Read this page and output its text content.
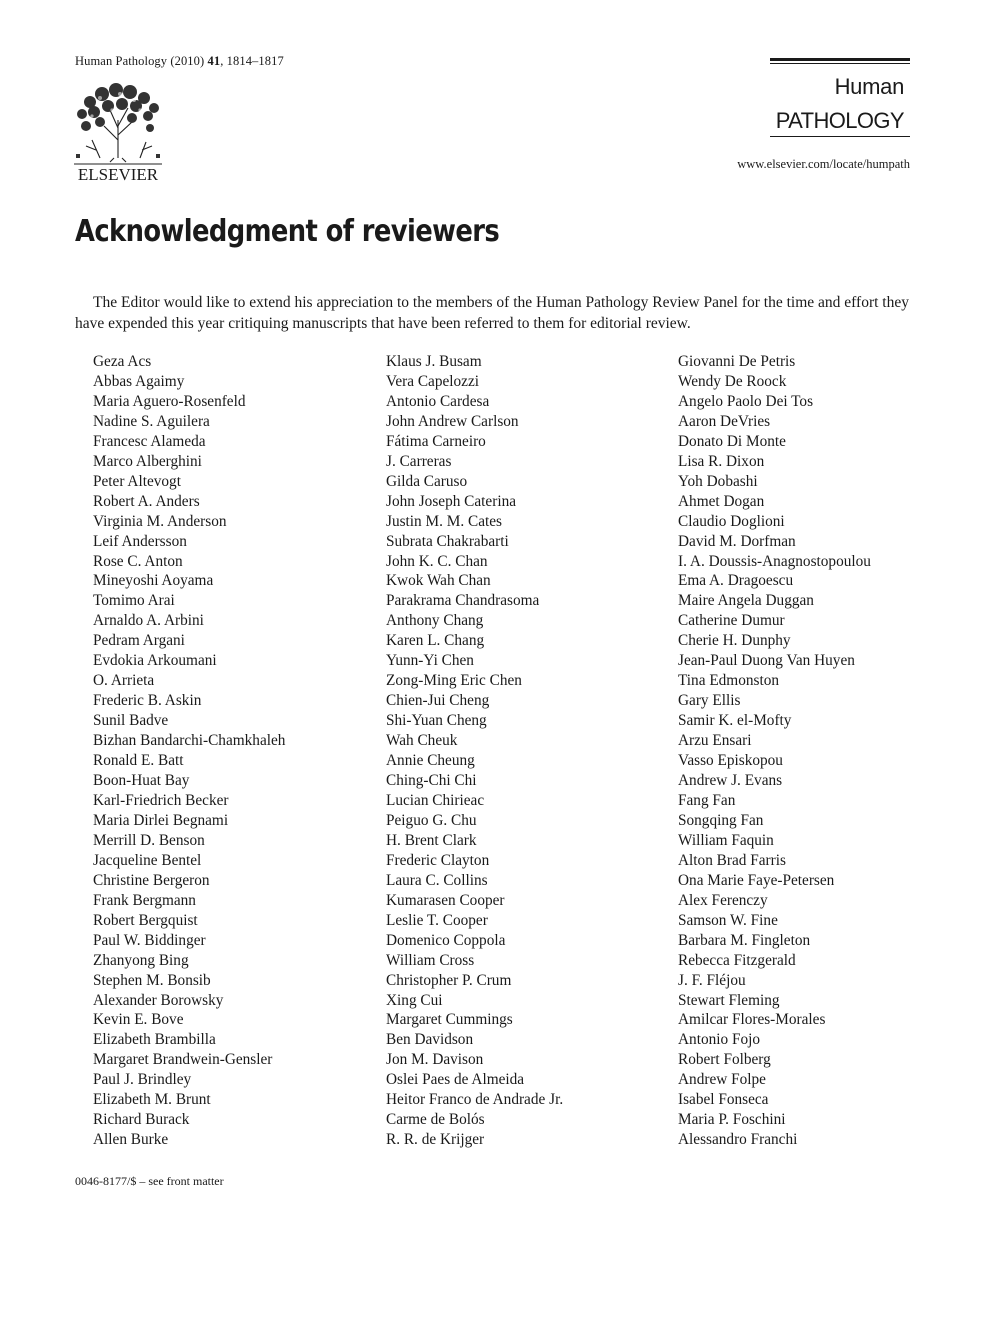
Human Pathology (2010) 41, 1814–1817
ELSEVIER
Human
PATHOLOGY
www.elsevier.com/locate/humpath
Acknowledgment of reviewers

The Editor would like to extend his appreciation to the members of the Human Pathology Review Panel for the time and effort they have expended this year critiquing manuscripts that have been referred to them for editorial review.

Geza Acs
Abbas Agaimy
Maria Aguero-Rosenfeld
Nadine S. Aguilera
Francesc Alameda
Marco Alberghini
Peter Altevogt
Robert A. Anders
Virginia M. Anderson
Leif Andersson
Rose C. Anton
Mineyoshi Aoyama
Tomimo Arai
Arnaldo A. Arbini
Pedram Argani
Evdokia Arkoumani
O. Arrieta
Frederic B. Askin
Sunil Badve
Bizhan Bandarchi-Chamkhaleh
Ronald E. Batt
Boon-Huat Bay
Karl-Friedrich Becker
Maria Dirlei Begnami
Merrill D. Benson
Jacqueline Bentel
Christine Bergeron
Frank Bergmann
Robert Bergquist
Paul W. Biddinger
Zhanyong Bing
Stephen M. Bonsib
Alexander Borowsky
Kevin E. Bove
Elizabeth Brambilla
Margaret Brandwein-Gensler
Paul J. Brindley
Elizabeth M. Brunt
Richard Burack
Allen Burke
Klaus J. Busam
Vera Capelozzi
Antonio Cardesa
John Andrew Carlson
Fátima Carneiro
J. Carreras
Gilda Caruso
John Joseph Caterina
Justin M. M. Cates
Subrata Chakrabarti
John K. C. Chan
Kwok Wah Chan
Parakrama Chandrasoma
Anthony Chang
Karen L. Chang
Yunn-Yi Chen
Zong-Ming Eric Chen
Chien-Jui Cheng
Shi-Yuan Cheng
Wah Cheuk
Annie Cheung
Ching-Chi Chi
Lucian Chirieac
Peiguo G. Chu
H. Brent Clark
Frederic Clayton
Laura C. Collins
Kumarasen Cooper
Leslie T. Cooper
Domenico Coppola
William Cross
Christopher P. Crum
Xing Cui
Margaret Cummings
Ben Davidson
Jon M. Davison
Oslei Paes de Almeida
Heitor Franco de Andrade Jr.
Carme de Bolós
R. R. de Krijger
Giovanni De Petris
Wendy De Roock
Angelo Paolo Dei Tos
Aaron DeVries
Donato Di Monte
Lisa R. Dixon
Yoh Dobashi
Ahmet Dogan
Claudio Doglioni
David M. Dorfman
I. A. Doussis-Anagnostopoulou
Ema A. Dragoescu
Maire Angela Duggan
Catherine Dumur
Cherie H. Dunphy
Jean-Paul Duong Van Huyen
Tina Edmonston
Gary Ellis
Samir K. el-Mofty
Arzu Ensari
Vasso Episkopou
Andrew J. Evans
Fang Fan
Songqing Fan
William Faquin
Alton Brad Farris
Ona Marie Faye-Petersen
Alex Ferenczy
Samson W. Fine
Barbara M. Fingleton
Rebecca Fitzgerald
J. F. Fléjou
Stewart Fleming
Amilcar Flores-Morales
Antonio Fojo
Robert Folberg
Andrew Folpe
Isabel Fonseca
Maria P. Foschini
Alessandro Franchi
0046-8177/$ – see front matter
